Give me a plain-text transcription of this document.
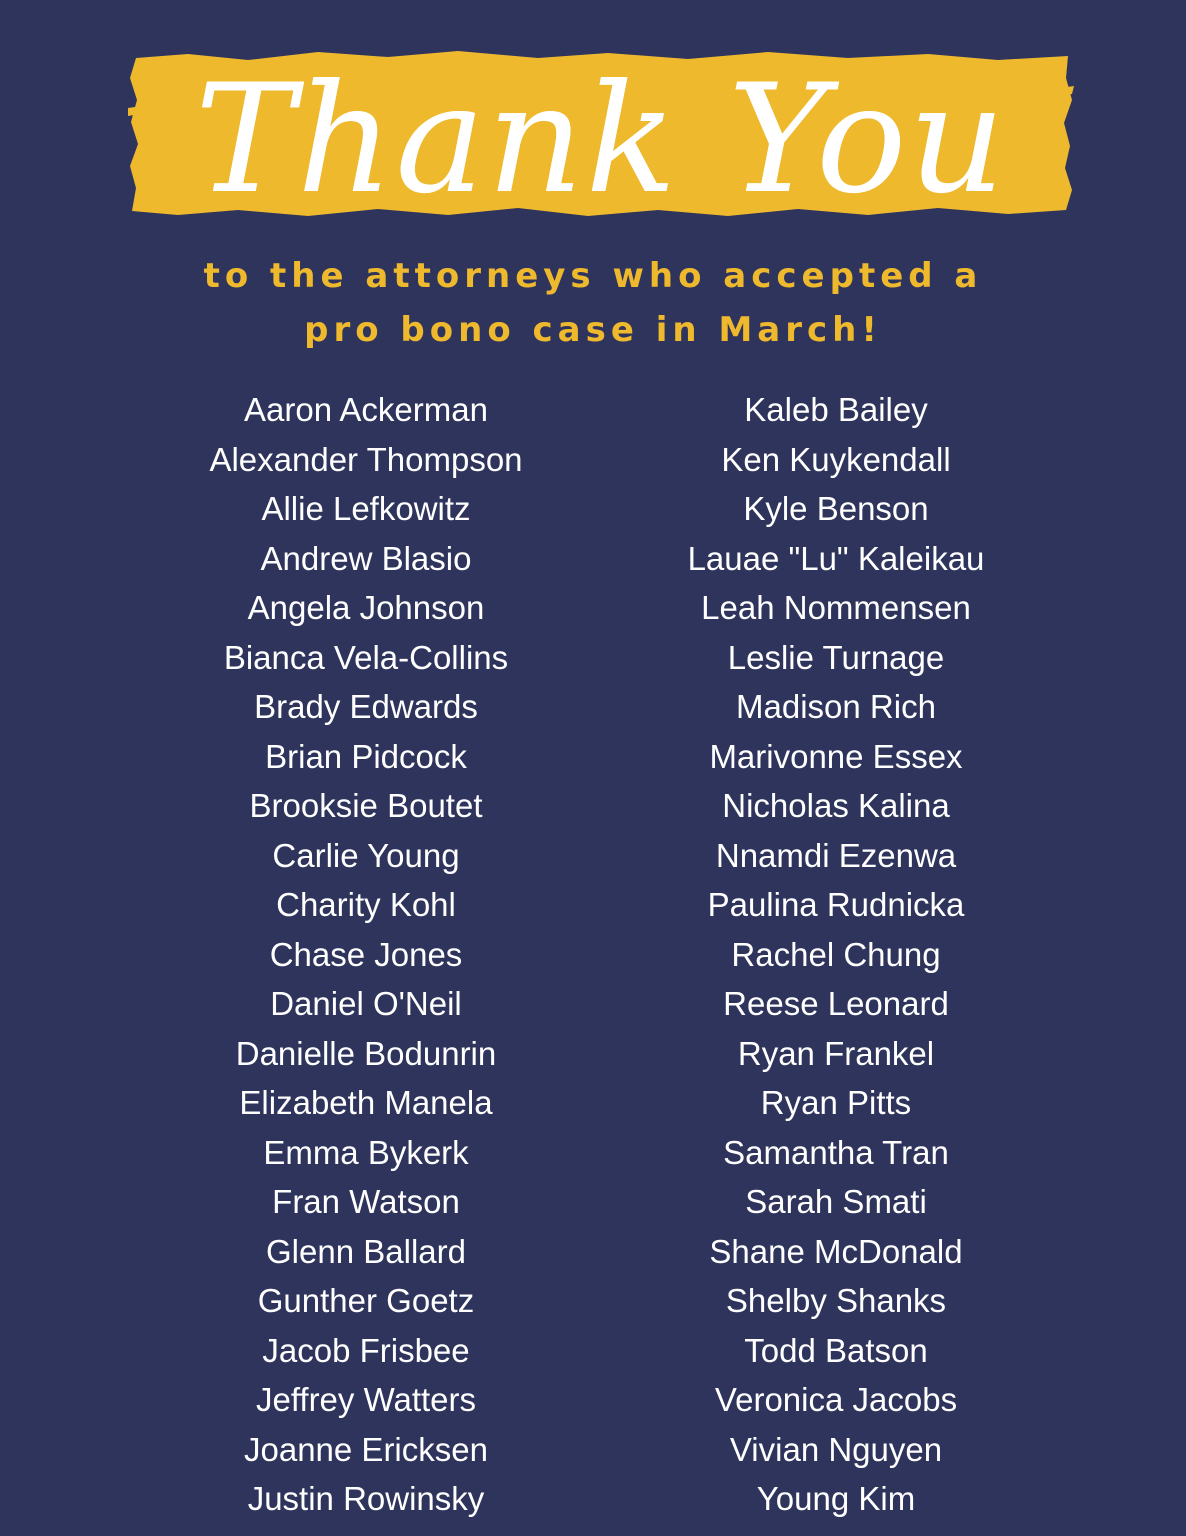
Thank You
to the attorneys who accepted a
pro bono case in March!
Aaron Ackerman
Alexander Thompson
Allie Lefkowitz
Andrew Blasio
Angela Johnson
Bianca Vela-Collins
Brady Edwards
Brian Pidcock
Brooksie Boutet
Carlie Young
Charity Kohl
Chase Jones
Daniel O'Neil
Danielle Bodunrin
Elizabeth Manela
Emma Bykerk
Fran Watson
Glenn Ballard
Gunther Goetz
Jacob Frisbee
Jeffrey Watters
Joanne Ericksen
Justin Rowinsky
Kaleb Bailey
Ken Kuykendall
Kyle Benson
Lauae "Lu" Kaleikau
Leah Nommensen
Leslie Turnage
Madison Rich
Marivonne Essex
Nicholas Kalina
Nnamdi Ezenwa
Paulina Rudnicka
Rachel Chung
Reese Leonard
Ryan Frankel
Ryan Pitts
Samantha Tran
Sarah Smati
Shane McDonald
Shelby Shanks
Todd Batson
Veronica Jacobs
Vivian Nguyen
Young Kim
